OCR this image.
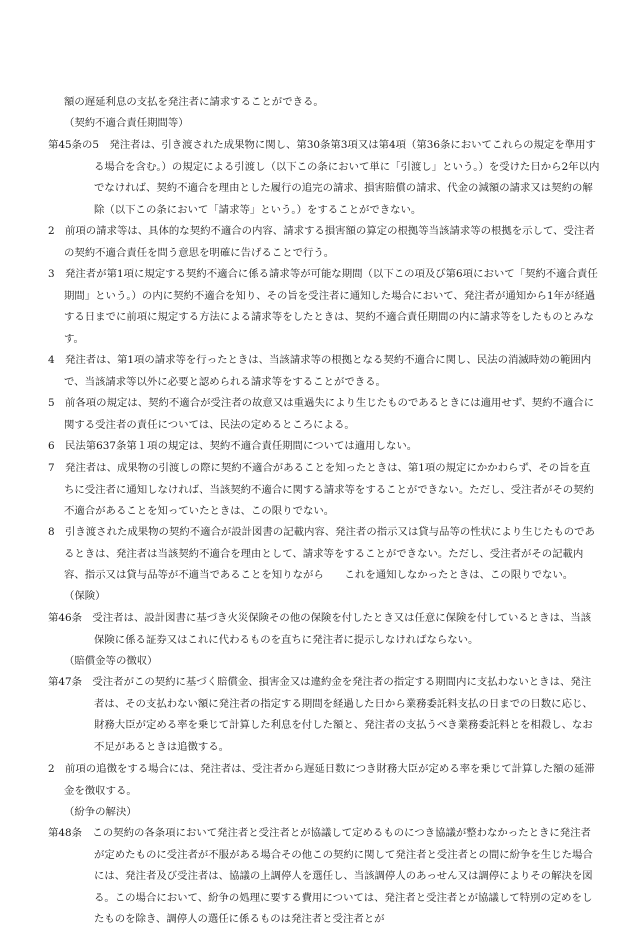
額の遅延利息の支払を発注者に請求することができる。

（契約不適合責任期間等）

第45条の5　発注者は、引き渡された成果物に関し、第30条第3項又は第4項（第36条においてこれらの規定を準用する場合を含む。）の規定による引渡し（以下この条において単に「引渡し」という。）を受けた日から2年以内でなければ、契約不適合を理由とした履行の追完の請求、損害賠償の請求、代金の減額の請求又は契約の解除（以下この条において「請求等」という。）をすることができない。

2　前項の請求等は、具体的な契約不適合の内容、請求する損害額の算定の根拠等当該請求等の根拠を示して、受注者の契約不適合責任を問う意思を明確に告げることで行う。

3　発注者が第1項に規定する契約不適合に係る請求等が可能な期間（以下この項及び第6項において「契約不適合責任期間」という。）の内に契約不適合を知り、その旨を受注者に通知した場合において、発注者が通知から1年が経過する日までに前項に規定する方法による請求等をしたときは、契約不適合責任期間の内に請求等をしたものとみなす。

4　発注者は、第1項の請求等を行ったときは、当該請求等の根拠となる契約不適合に関し、民法の消滅時効の範囲内で、当該請求等以外に必要と認められる請求等をすることができる。

5　前各項の規定は、契約不適合が受注者の故意又は重過失により生じたものであるときには適用せず、契約不適合に関する受注者の責任については、民法の定めるところによる。

6　民法第637条第１項の規定は、契約不適合責任期間については適用しない。

7　発注者は、成果物の引渡しの際に契約不適合があることを知ったときは、第1項の規定にかかわらず、その旨を直ちに受注者に通知しなければ、当該契約不適合に関する請求等をすることができない。ただし、受注者がその契約不適合があることを知っていたときは、この限りでない。

8　引き渡された成果物の契約不適合が設計図書の記載内容、発注者の指示又は貸与品等の性状により生じたものであるときは、発注者は当該契約不適合を理由として、請求等をすることができない。ただし、受注者がその記載内容、指示又は貸与品等が不適当であることを知りながら　　これを通知しなかったときは、この限りでない。

（保険）

第46条　受注者は、設計図書に基づき火災保険その他の保険を付したとき又は任意に保険を付しているときは、当該保険に係る証券又はこれに代わるものを直ちに発注者に提示しなければならない。

（賠償金等の徴収）

第47条　受注者がこの契約に基づく賠償金、損害金又は違約金を発注者の指定する期間内に支払わないときは、発注者は、その支払わない額に発注者の指定する期間を経過した日から業務委託料支払の日までの日数に応じ、財務大臣が定める率を乗じて計算した利息を付した額と、発注者の支払うべき業務委託料とを相殺し、なお不足があるときは追徴する。

2　前項の追徴をする場合には、発注者は、受注者から遅延日数につき財務大臣が定める率を乗じて計算した額の延滞金を徴収する。

（紛争の解決）

第48条　この契約の各条項において発注者と受注者とが協議して定めるものにつき協議が整わなかったときに発注者が定めたものに受注者が不服がある場合その他この契約に関して発注者と受注者との間に紛争を生じた場合には、発注者及び受注者は、協議の上調停人を選任し、当該調停人のあっせん又は調停によりその解決を図る。この場合において、紛争の処理に要する費用については、発注者と受注者とが協議して特別の定めをしたものを除き、調停人の選任に係るものは発注者と受注者とが
